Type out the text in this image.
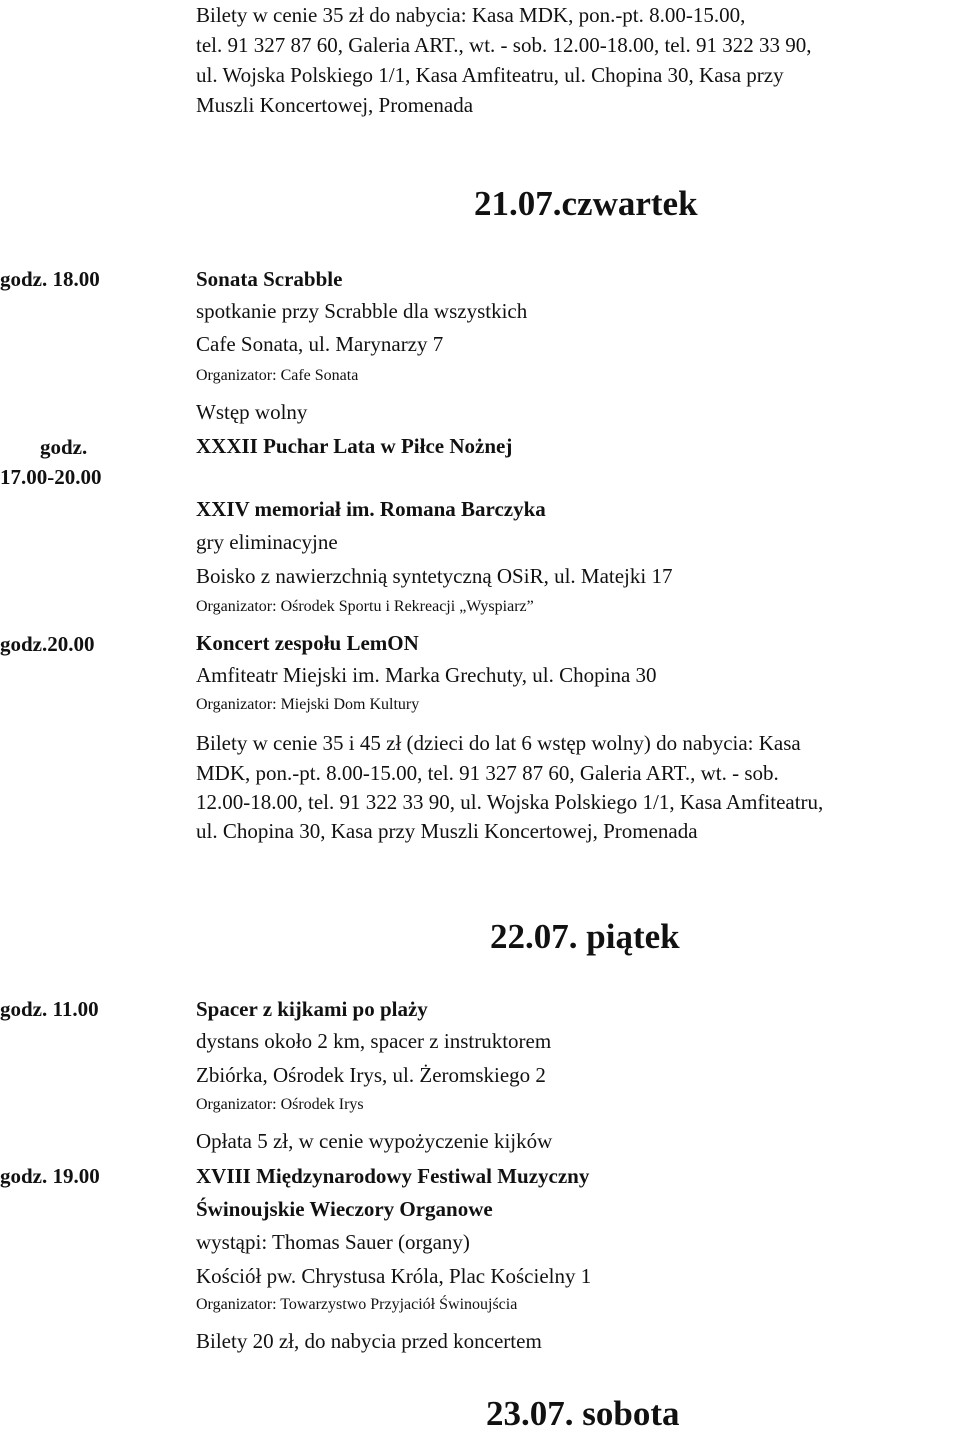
Bilety w cenie 35 zł do nabycia: Kasa MDK, pon.-pt. 8.00-15.00,
tel. 91 327 87 60, Galeria ART., wt. - sob. 12.00-18.00, tel. 91 322 33 90,
ul. Wojska Polskiego 1/1, Kasa Amfiteatru, ul. Chopina 30, Kasa przy
Muszli Koncertowej, Promenada
21.07.czwartek
godz. 18.00
godz.
17.00-20.00
godz.20.00
Sonata Scrabble
spotkanie przy Scrabble dla wszystkich
Cafe Sonata, ul. Marynarzy 7
Organizator: Cafe Sonata
Wstęp wolny
XXXII Puchar Lata w Piłce Nożnej
XXIV memoriał im. Romana Barczyka
gry eliminacyjne
Boisko z nawierzchnią syntetyczną OSiR, ul. Matejki 17
Organizator: Ośrodek Sportu i Rekreacji „Wyspiarz”
Koncert zespołu LemON
Amfiteatr Miejski im. Marka Grechuty, ul. Chopina 30
Organizator: Miejski Dom Kultury
Bilety w cenie 35 i 45 zł (dzieci do lat 6 wstęp wolny) do nabycia: Kasa
MDK, pon.-pt. 8.00-15.00, tel. 91 327 87 60, Galeria ART., wt. - sob.
12.00-18.00, tel. 91 322 33 90, ul. Wojska Polskiego 1/1, Kasa Amfiteatru,
ul. Chopina 30, Kasa przy Muszli Koncertowej, Promenada
22.07. piątek
godz. 11.00
godz. 19.00
Spacer z kijkami po plaży
dystans około 2 km, spacer z instruktorem
Zbiórka, Ośrodek Irys, ul. Żeromskiego 2
Organizator: Ośrodek Irys
Opłata 5 zł, w cenie wypożyczenie kijków
XVIII Międzynarodowy Festiwal Muzyczny
Świnoujskie Wieczory Organowe
wystąpi: Thomas Sauer (organy)
Kościół pw. Chrystusa Króla, Plac Kościelny 1
Organizator: Towarzystwo Przyjaciół Świnoujścia
Bilety 20 zł, do nabycia przed koncertem
23.07. sobota
